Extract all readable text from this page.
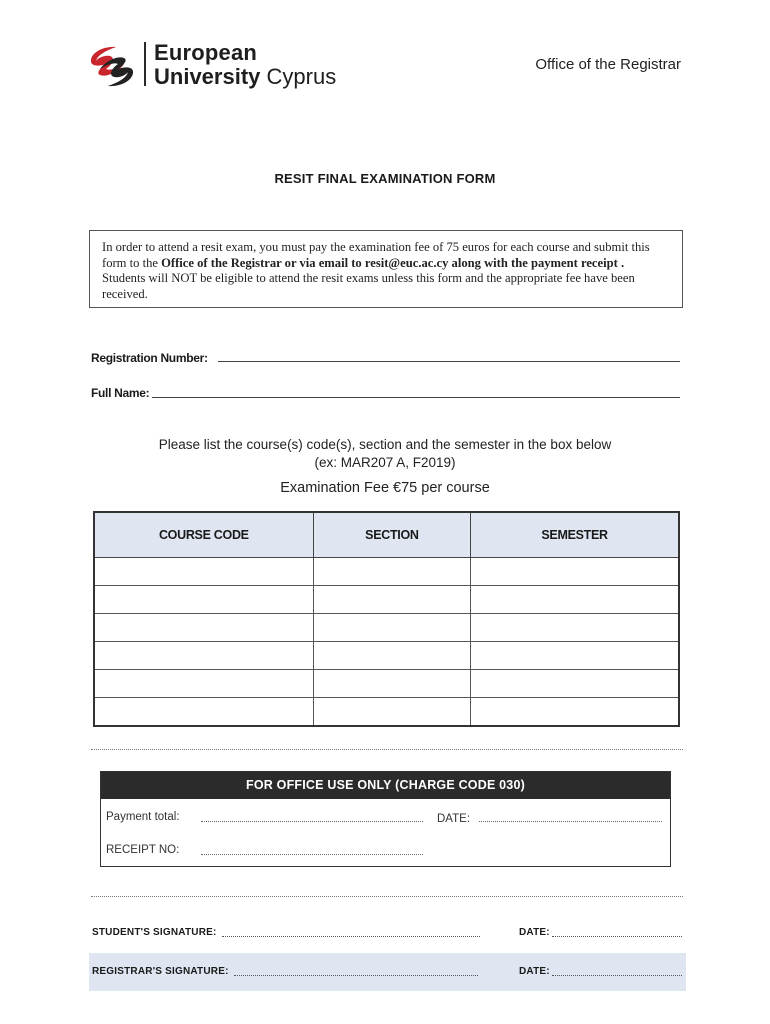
European
University Cyprus	Office of the Registrar
RESIT FINAL EXAMINATION FORM
In order to attend a resit exam, you must pay the examination fee of 75 euros for each course and submit this form to the Office of the Registrar or via email to resit@euc.ac.cy along with the payment receipt . Students will NOT be eligible to attend the resit exams unless this form and the appropriate fee have been received.
Registration Number:
Full Name:
Please list the course(s) code(s), section and the semester in the box below
(ex: MAR207 A, F2019)
Examination Fee €75 per course
COURSE CODE	SECTION	SEMESTER

FOR OFFICE USE ONLY (CHARGE CODE 030)
Payment total:	DATE:
RECEIPT NO:
STUDENT'S SIGNATURE:	DATE:
REGISTRAR'S SIGNATURE:	DATE:
